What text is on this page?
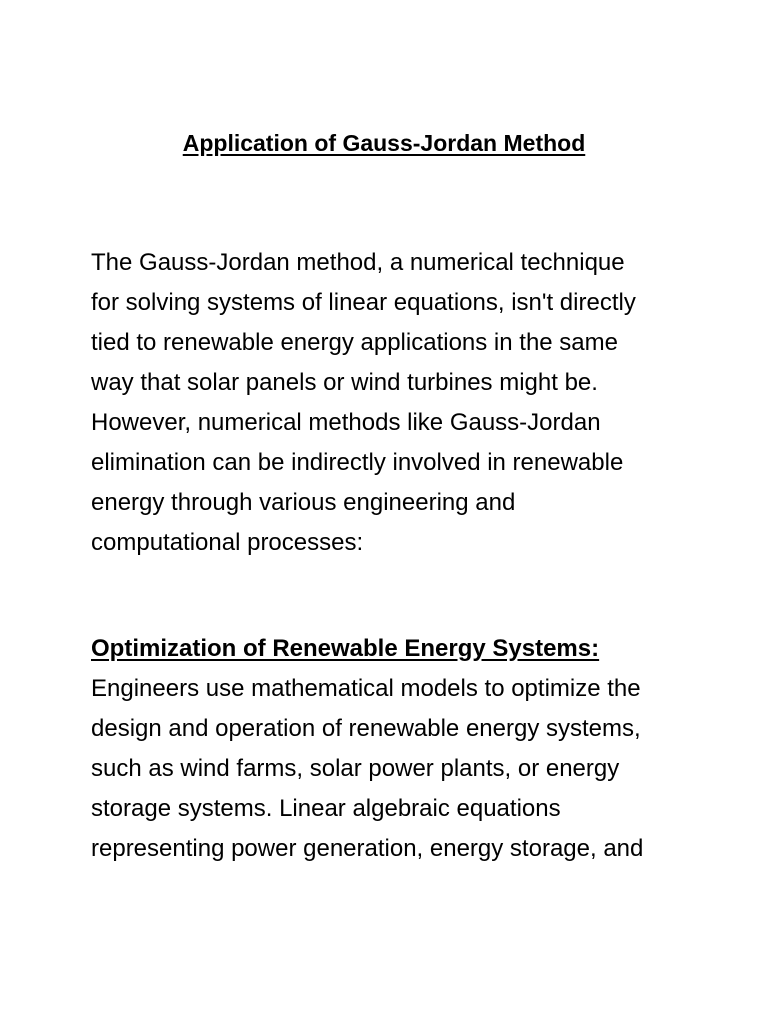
Application of Gauss-Jordan Method

The Gauss-Jordan method, a numerical technique
for solving systems of linear equations, isn't directly
tied to renewable energy applications in the same
way that solar panels or wind turbines might be.
However, numerical methods like Gauss-Jordan
elimination can be indirectly involved in renewable
energy through various engineering and
computational processes:

Optimization of Renewable Energy Systems:
Engineers use mathematical models to optimize the
design and operation of renewable energy systems,
such as wind farms, solar power plants, or energy
storage systems. Linear algebraic equations
representing power generation, energy storage, and
